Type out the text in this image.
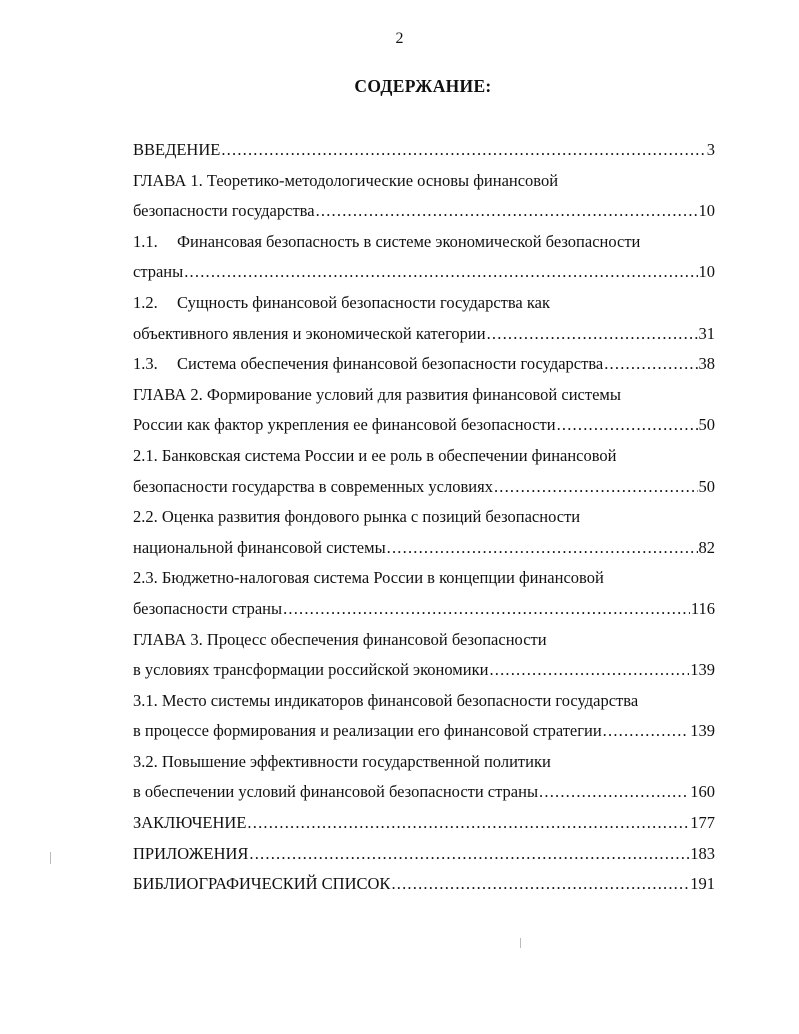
2
СОДЕРЖАНИЕ:
ВВЕДЕНИЕ .....	3
ГЛАВА 1. Теоретико-методологические основы финансовой
безопасности государства .....	10
1.1. Финансовая безопасность в системе экономической безопасности
страны .....	10
1.2. Сущность финансовой безопасности государства как
объективного явления и экономической категории .....	31
1.3. Система обеспечения финансовой безопасности государства .....	38
ГЛАВА 2. Формирование условий для развития финансовой системы
России как фактор укрепления ее финансовой безопасности .....	50
2.1. Банковская система России и ее роль в обеспечении финансовой
безопасности государства в современных условиях .....	50
2.2. Оценка развития фондового рынка с позиций безопасности
национальной финансовой системы .....	82
2.3. Бюджетно-налоговая система России в концепции финансовой
безопасности страны .....	116
ГЛАВА 3. Процесс обеспечения финансовой безопасности
в условиях трансформации российской экономики .....	139
3.1. Место системы индикаторов финансовой безопасности государства
в процессе формирования и реализации его финансовой стратегии .....	139
3.2. Повышение эффективности государственной политики
в обеспечении условий финансовой безопасности страны .....	160
ЗАКЛЮЧЕНИЕ .....	177
ПРИЛОЖЕНИЯ .....	183
БИБЛИОГРАФИЧЕСКИЙ СПИСОК .....	191
